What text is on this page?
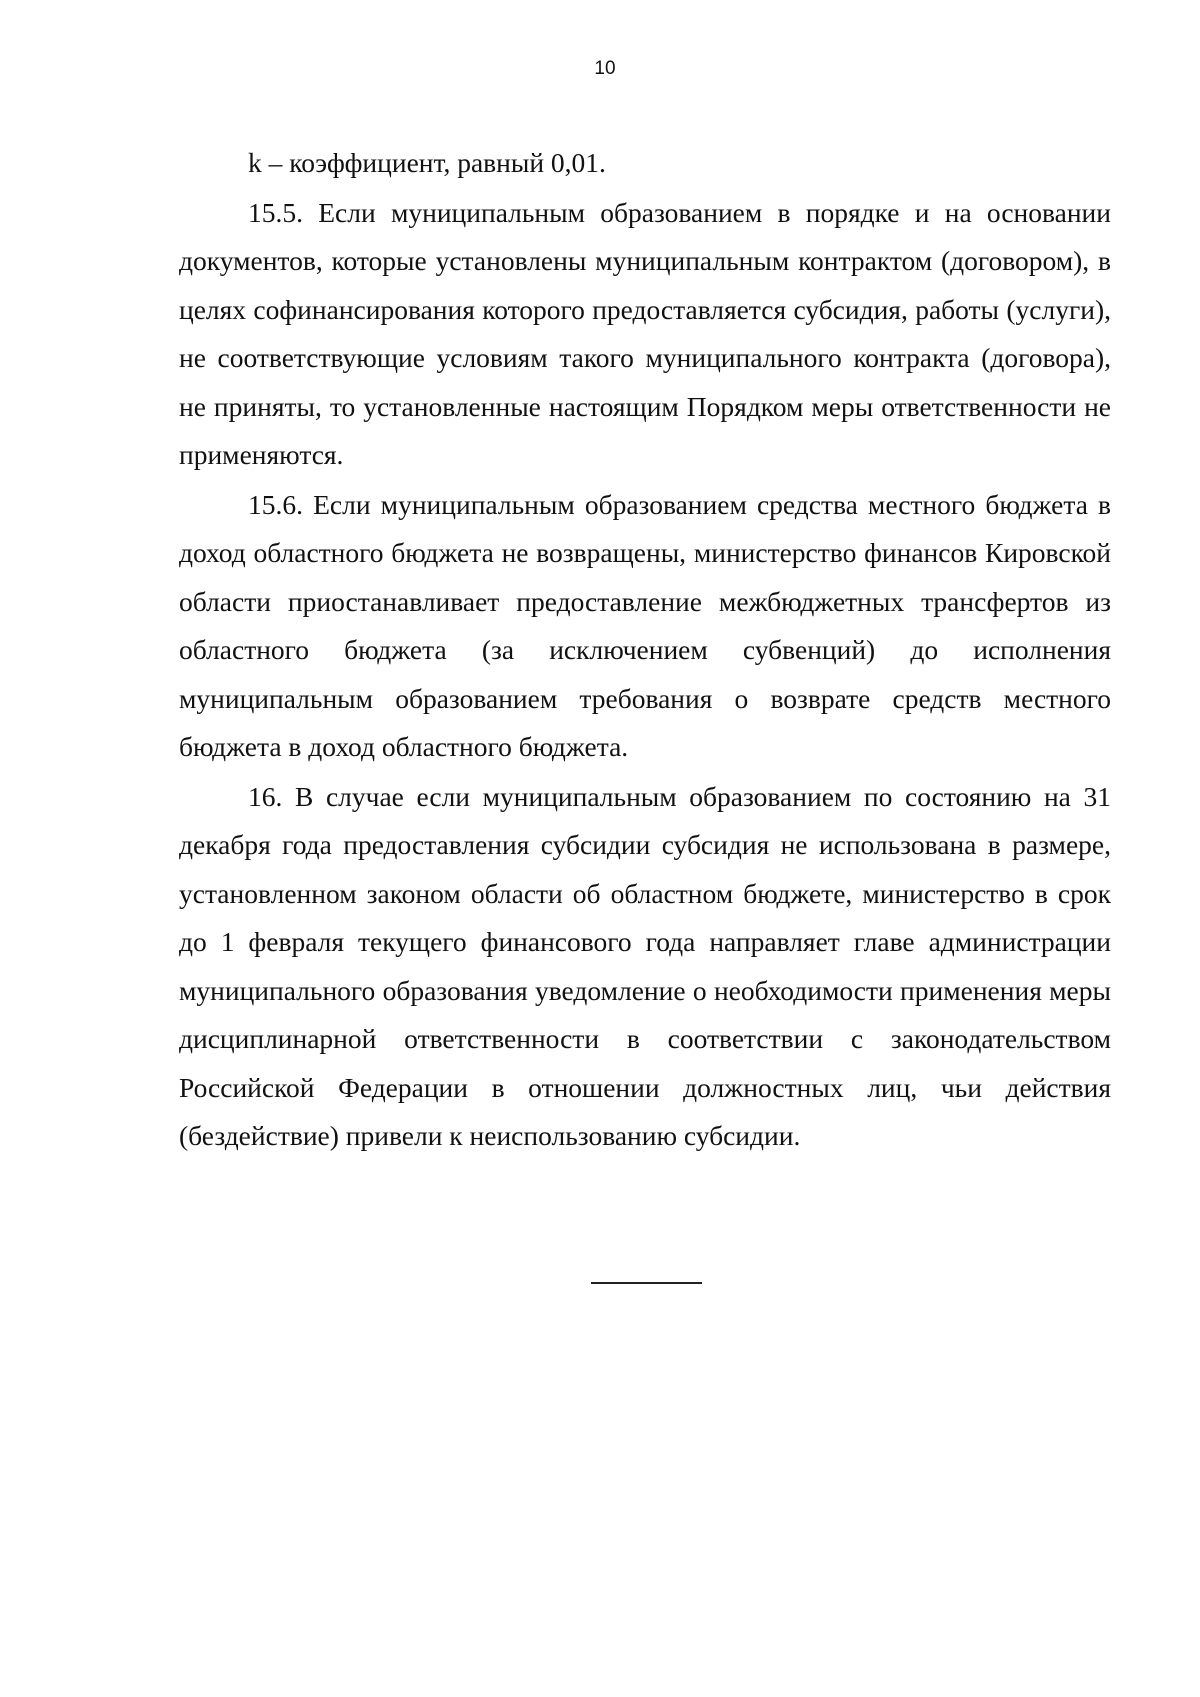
10

k – коэффициент, равный 0,01.

15.5. Если муниципальным образованием в порядке и на основании документов, которые установлены муниципальным контрактом (договором), в целях софинансирования которого предоставляется субсидия, работы (услуги), не соответствующие условиям такого муниципального контракта (договора), не приняты, то установленные настоящим Порядком меры ответственности не применяются.

15.6. Если муниципальным образованием средства местного бюджета в доход областного бюджета не возвращены, министерство финансов Кировской области приостанавливает предоставление межбюджетных трансфертов из областного бюджета (за исключением субвенций) до исполнения муниципальным образованием требования о возврате средств местного бюджета в доход областного бюджета.

16. В случае если муниципальным образованием по состоянию на 31 декабря года предоставления субсидии субсидия не использована в размере, установленном законом области об областном бюджете, министерство в срок до 1 февраля текущего финансового года направляет главе администрации муниципального образования уведомление о необходимости применения меры дисциплинарной ответственности в соответствии с законодательством Российской Федерации в отношении должностных лиц, чьи действия (бездействие) привели к неиспользованию субсидии.
